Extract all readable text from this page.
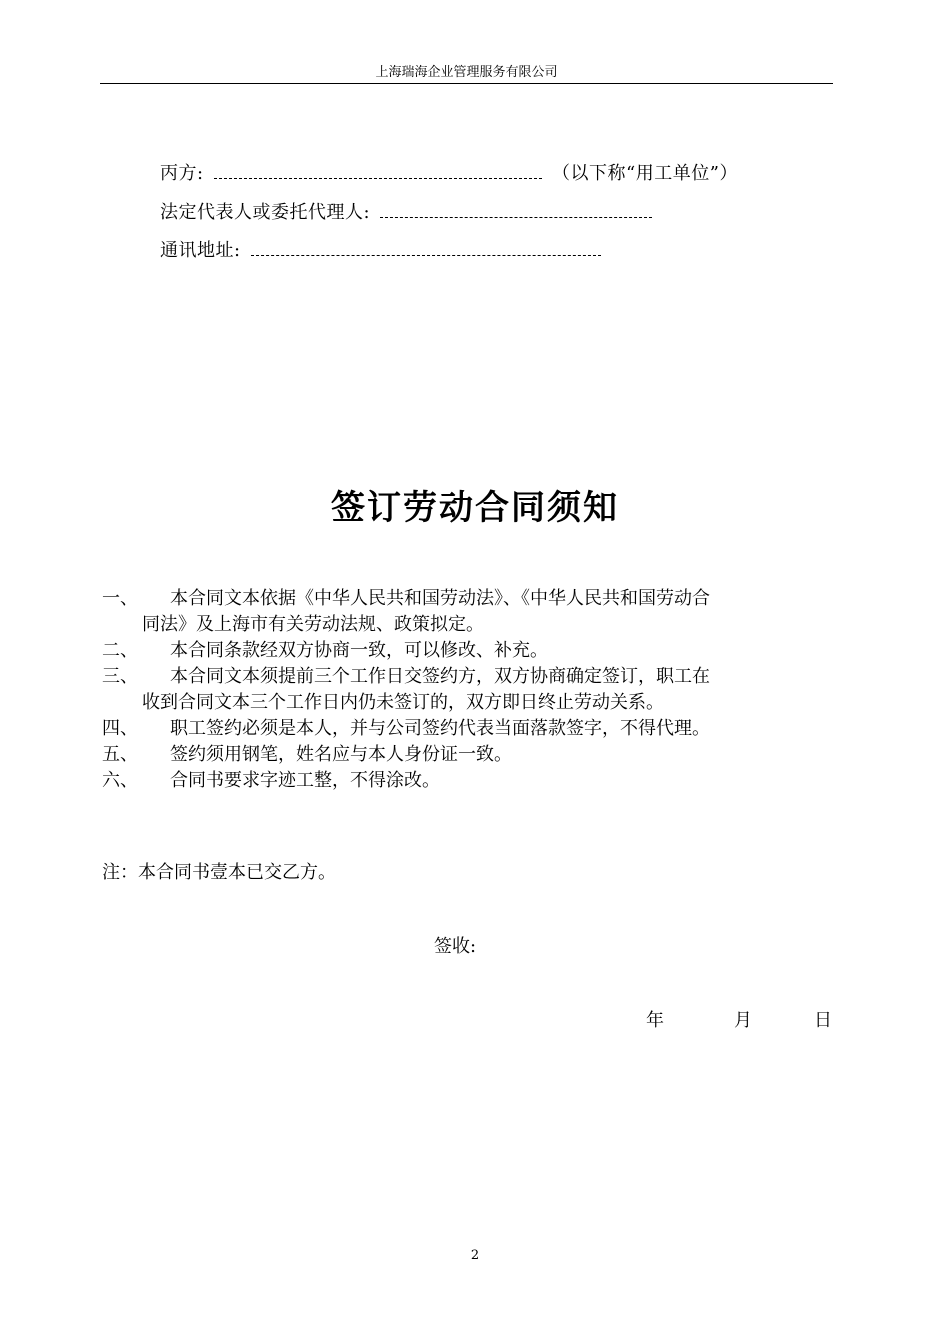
上海瑞海企业管理服务有限公司
丙方:	（以下称“用工单位”）
法定代表人或委托代理人:
通讯地址:
签订劳动合同须知
一、	本合同文本依据《中华人民共和国劳动法》、《中华人民共和国劳动合
同法》及上海市有关劳动法规、政策拟定。
二、	本合同条款经双方协商一致，可以修改、补充。
三、	本合同文本须提前三个工作日交签约方，双方协商确定签订，职工在
收到合同文本三个工作日内仍未签订的，双方即日终止劳动关系。
四、	职工签约必须是本人，并与公司签约代表当面落款签字，不得代理。
五、	签约须用钢笔，姓名应与本人身份证一致。
六、	合同书要求字迹工整，不得涂改。
注：本合同书壹本已交乙方。
签收:
年	月	日
2
